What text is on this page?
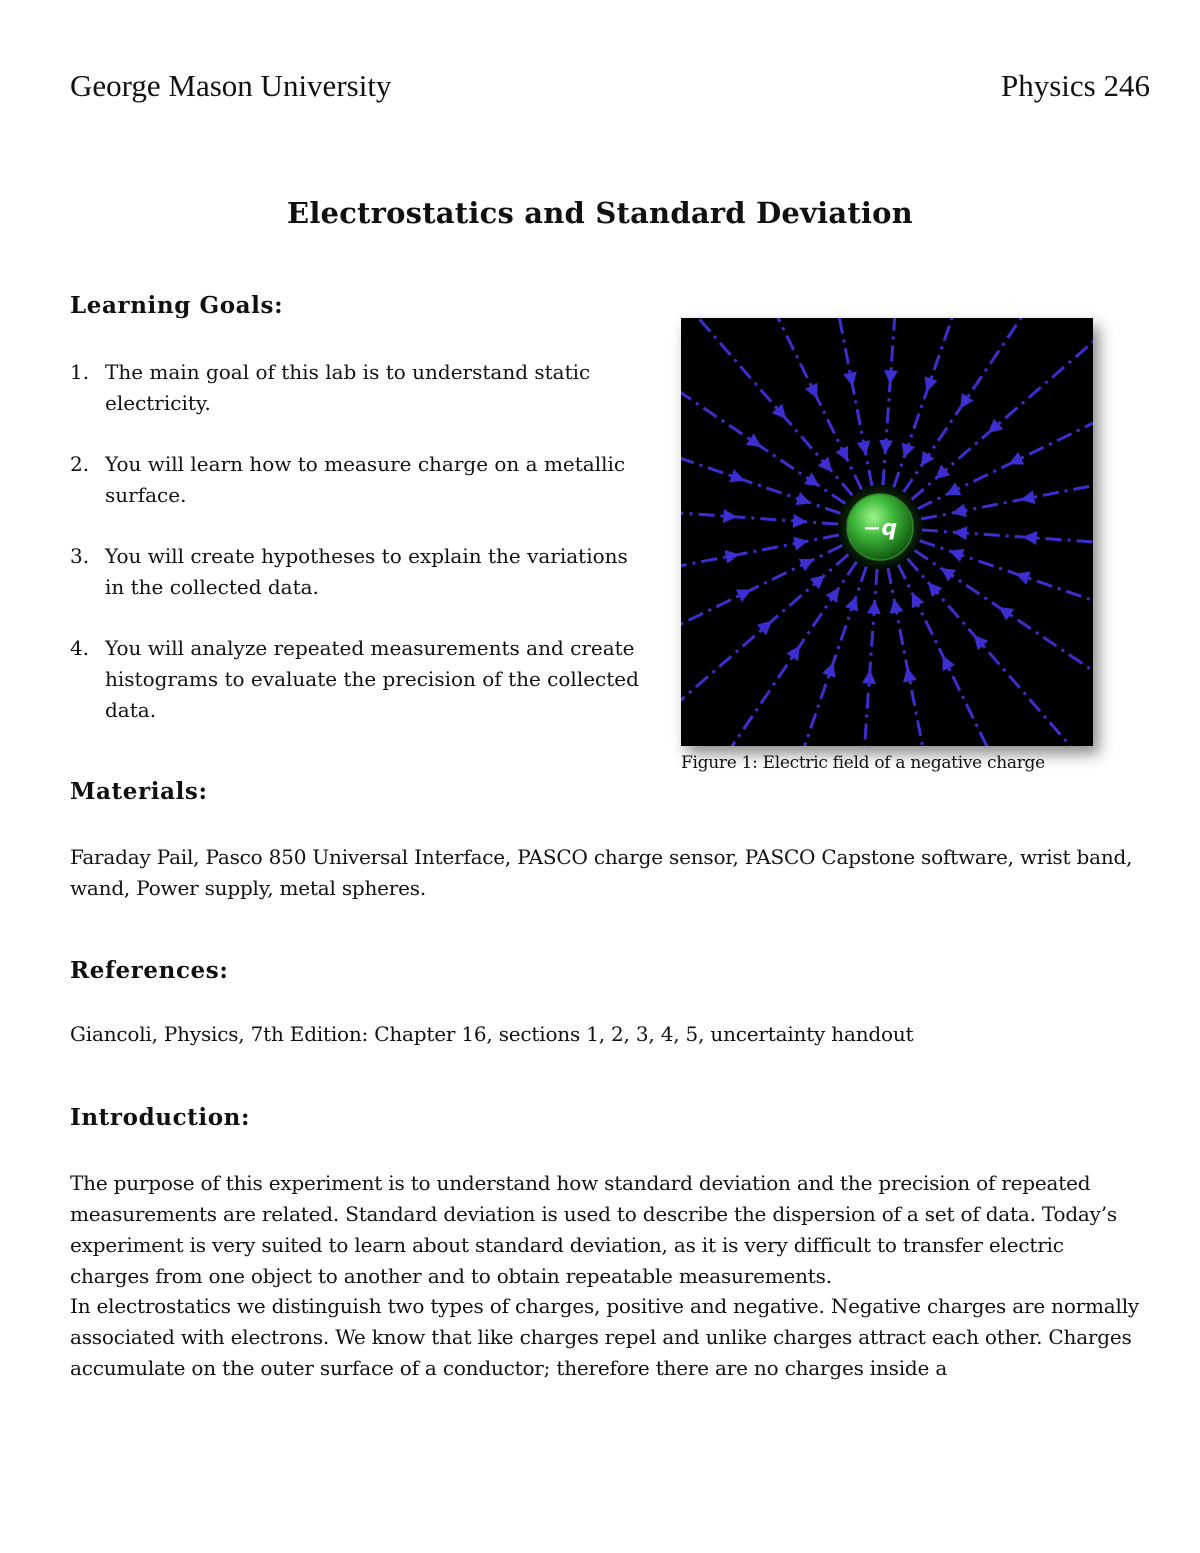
George Mason University	Physics 246
Electrostatics and Standard Deviation
Learning Goals:
1. The main goal of this lab is to understand static electricity.
2. You will learn how to measure charge on a metallic surface.
3. You will create hypotheses to explain the variations in the collected data.
4. You will analyze repeated measurements and create histograms to evaluate the precision of the collected data.
−q
Figure 1: Electric field of a negative charge
Materials:

Faraday Pail, Pasco 850 Universal Interface, PASCO charge sensor, PASCO Capstone software, wrist band, wand, Power supply, metal spheres.

References:

Giancoli, Physics, 7th Edition: Chapter 16, sections 1, 2, 3, 4, 5, uncertainty handout

Introduction:

The purpose of this experiment is to understand how standard deviation and the precision of repeated measurements are related. Standard deviation is used to describe the dispersion of a set of data. Today’s experiment is very suited to learn about standard deviation, as it is very difficult to transfer electric charges from one object to another and to obtain repeatable measurements.

In electrostatics we distinguish two types of charges, positive and negative. Negative charges are normally associated with electrons. We know that like charges repel and unlike charges attract each other. Charges accumulate on the outer surface of a conductor; therefore there are no charges inside a
